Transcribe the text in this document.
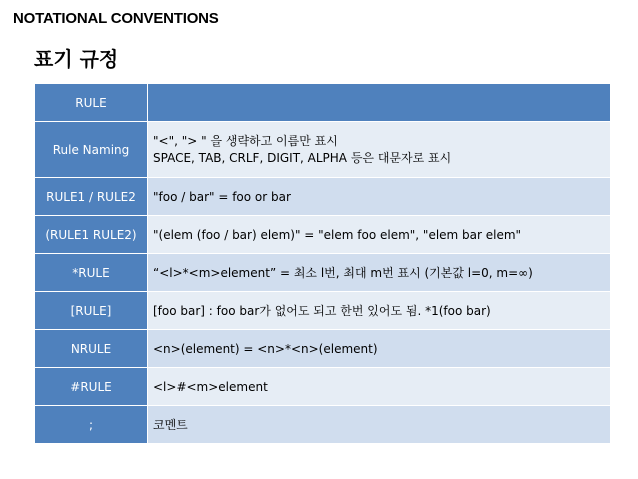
NOTATIONAL CONVENTIONS
표기 규정
RULE	
Rule Naming	"<", "> " 을 생략하고 이름만 표시
SPACE, TAB, CRLF, DIGIT, ALPHA 등은 대문자로 표시

RULE1 / RULE2	"foo / bar" = foo or bar
(RULE1 RULE2)	"(elem (foo / bar) elem)" = "elem foo elem", "elem bar elem"
*RULE	“<l>*<m>element” = 최소 l번, 최대 m번 표시 (기본값 l=0, m=∞)
[RULE]	[foo bar] : foo bar가 없어도 되고 한번 있어도 됨. *1(foo bar)
NRULE	<n>(element) = <n>*<n>(element)
#RULE	<l>#<m>element
;	코멘트
